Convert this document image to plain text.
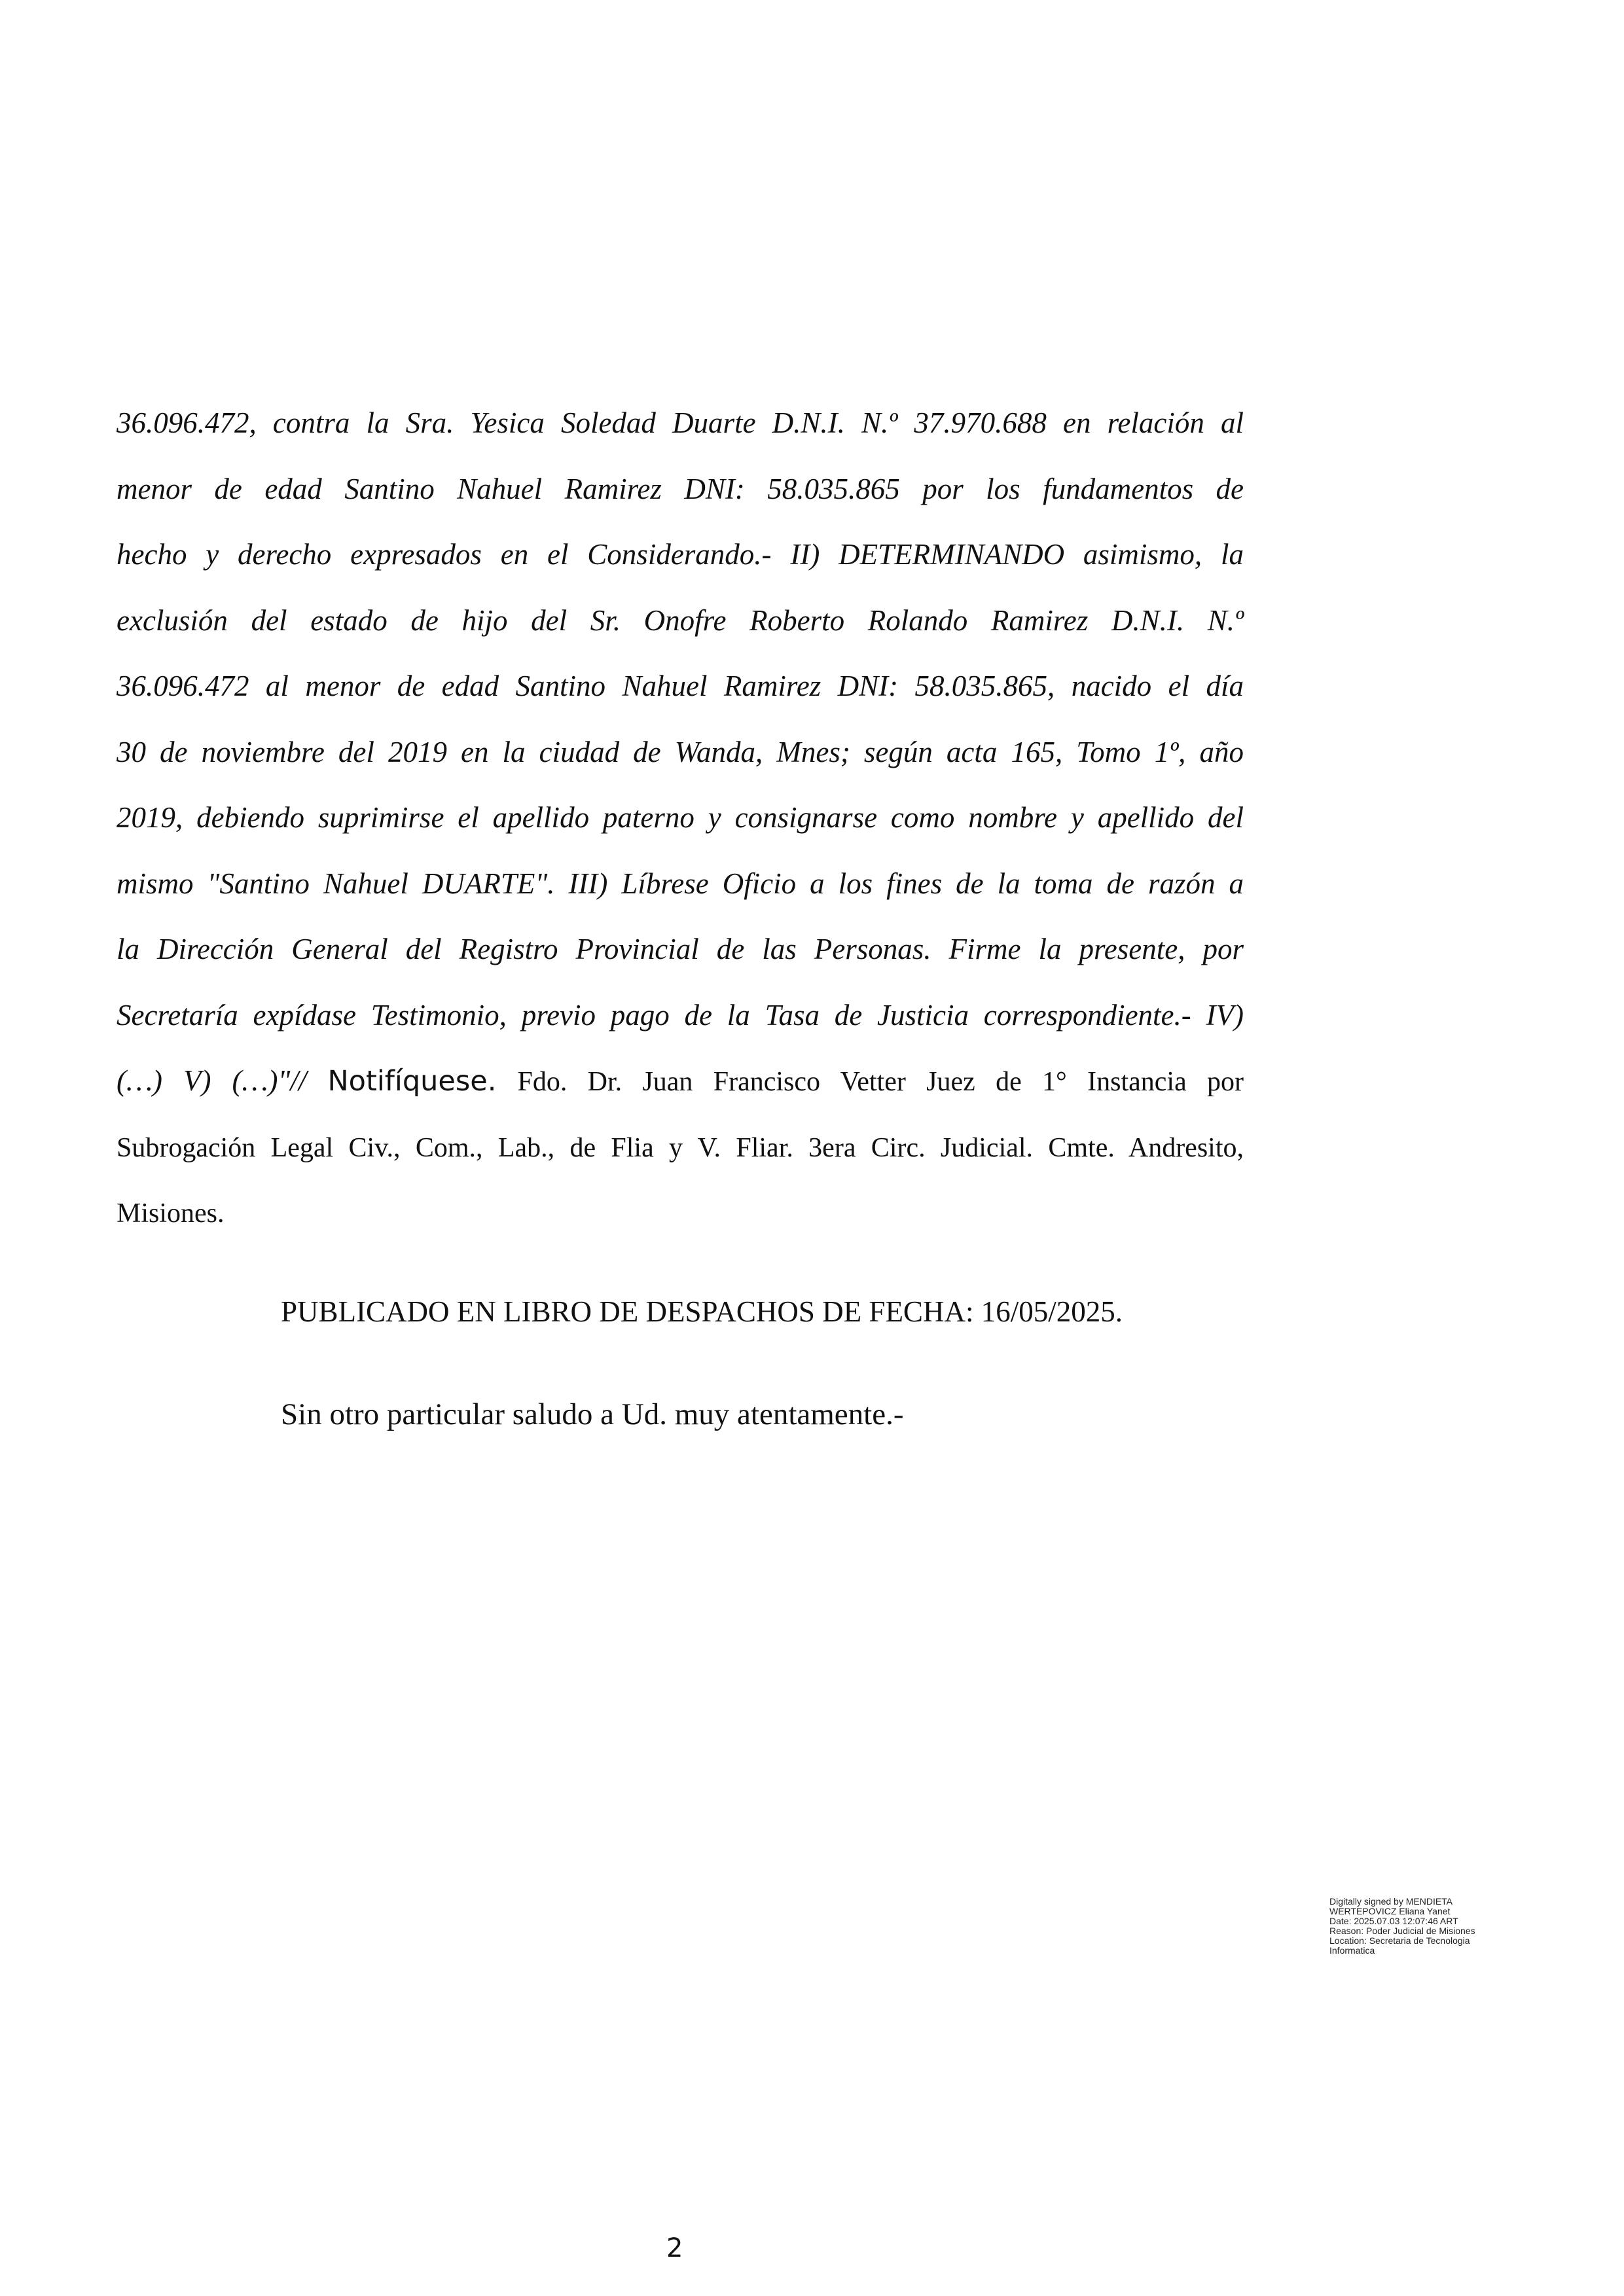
36.096.472, contra la Sra. Yesica Soledad Duarte D.N.I. N.º 37.970.688 en relación al
menor de edad Santino Nahuel Ramirez DNI: 58.035.865 por los fundamentos de
hecho y derecho expresados en el Considerando.- II) DETERMINANDO asimismo, la
exclusión del estado de hijo del Sr. Onofre Roberto Rolando Ramirez D.N.I. N.º
36.096.472 al menor de edad Santino Nahuel Ramirez DNI: 58.035.865, nacido el día
30 de noviembre del 2019 en la ciudad de Wanda, Mnes; según acta 165, Tomo 1º, año
2019, debiendo suprimirse el apellido paterno y consignarse como nombre y apellido del
mismo "Santino Nahuel DUARTE". III) Líbrese Oficio a los fines de la toma de razón a
la Dirección General del Registro Provincial de las Personas. Firme la presente, por
Secretaría expídase Testimonio, previo pago de la Tasa de Justicia correspondiente.- IV)
(…) V) (…)"// Notifíquese. Fdo. Dr. Juan Francisco Vetter Juez de 1° Instancia por
Subrogación Legal Civ., Com., Lab., de Flia y V. Fliar. 3era Circ. Judicial. Cmte. Andresito,
Misiones.
PUBLICADO EN LIBRO DE DESPACHOS DE FECHA: 16/05/2025.
Sin otro particular saludo a Ud. muy atentamente.-
Digitally signed by MENDIETA
WERTEPOVICZ Eliana Yanet
Date: 2025.07.03 12:07:46 ART
Reason: Poder Judicial de Misiones
Location: Secretaria de Tecnologia
Informatica
2
